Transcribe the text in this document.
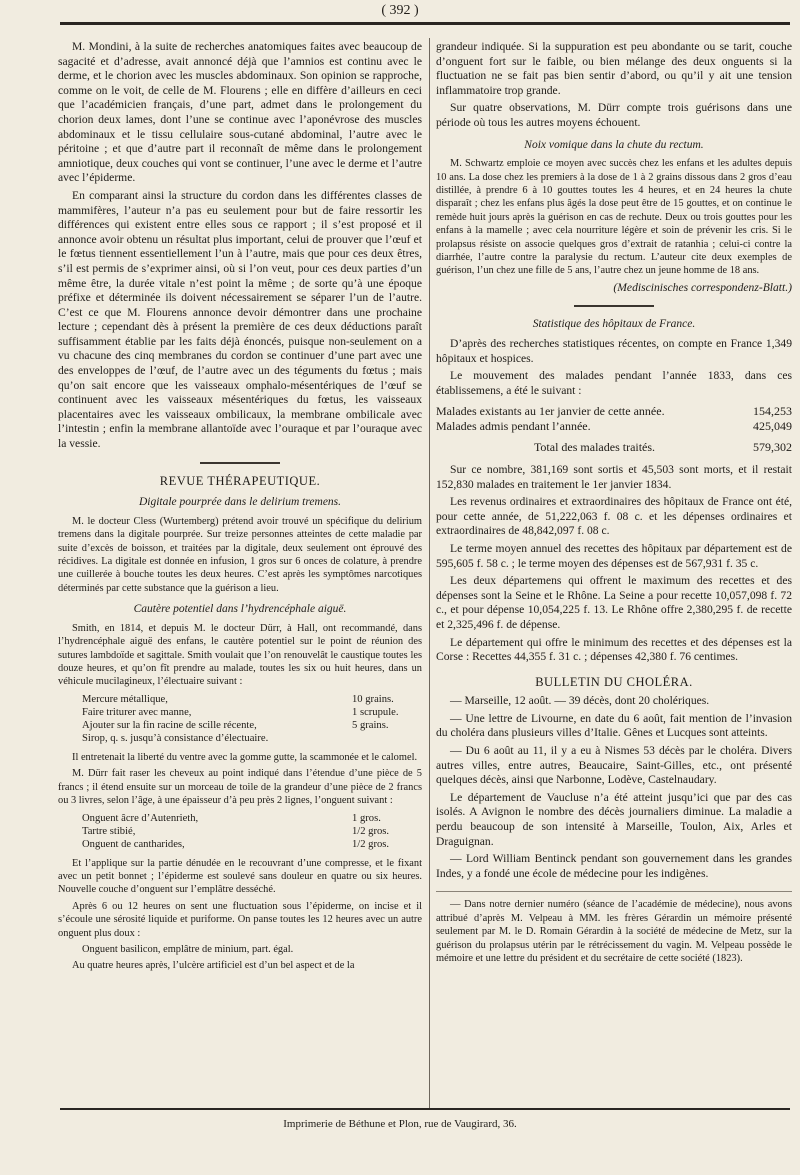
( 392 )

M. Mondini, à la suite de recherches anatomiques faites avec beaucoup de sagacité et d’adresse, avait annoncé déjà que l’amnios est continu avec le derme, et le chorion avec les muscles abdominaux. Son opinion se rapproche, comme on le voit, de celle de M. Flourens ; elle en diffère d’ailleurs en ceci que l’académicien français, d’une part, admet dans le prolongement du chorion deux lames, dont l’une se continue avec l’aponévrose des muscles abdominaux et le tissu cellulaire sous-cutané abdominal, l’autre avec le péritoine ; et que d’autre part il reconnaît de même dans le prolongement amniotique, deux couches qui vont se continuer, l’une avec le derme et l’autre avec l’épiderme.

En comparant ainsi la structure du cordon dans les différentes classes de mammifères, l’auteur n’a pas eu seulement pour but de faire ressortir les différences qui existent entre elles sous ce rapport ; il s’est proposé et il annonce avoir obtenu un résultat plus important, celui de prouver que l’œuf et le fœtus tiennent essentiellement l’un à l’autre, mais que pour ces deux êtres, s’il est permis de s’exprimer ainsi, où si l’on veut, pour ces deux parties d’un même être, la durée vitale n’est point la même ; de sorte qu’à une époque préfixe et déterminée ils doivent nécessairement se séparer l’un de l’autre. C’est ce que M. Flourens annonce devoir démontrer dans une prochaine lecture ; cependant dès à présent la première de ces deux déductions paraît suffisamment établie par les faits déjà énoncés, puisque non-seulement on a vu chacune des cinq membranes du cordon se continuer d’une part avec une des enveloppes de l’œuf, de l’autre avec un des téguments du fœtus ; mais qu’on sait encore que les vaisseaux omphalo-mésentériques de l’œuf se continuent avec les vaisseaux mésentériques du fœtus, les vaisseaux placentaires avec les vaisseaux ombilicaux, la membrane ombilicale avec l’intestin ; enfin la membrane allantoïde avec l’ouraque et par l’ouraque avec la vessie.

REVUE THÉRAPEUTIQUE.
Digitale pourprée dans le delirium tremens.

M. le docteur Cless (Wurtemberg) prétend avoir trouvé un spécifique du delirium tremens dans la digitale pourprée. Sur treize personnes atteintes de cette maladie par suite d’excès de boisson, et traitées par la digitale, deux seulement ont éprouvé des récidives. La digitale est donnée en infusion, 1 gros sur 6 onces de colature, à prendre une cuillerée à bouche toutes les deux heures. C’est après les symptômes narcotiques déterminés par cette substance que la guérison a lieu.

Cautère potentiel dans l’hydrencéphale aiguë.

Smith, en 1814, et depuis M. le docteur Dürr, à Hall, ont recommandé, dans l’hydrencéphale aiguë des enfans, le cautère potentiel sur le point de réunion des sutures lambdoïde et sagittale. Smith voulait que l’on renouvelât le caustique toutes les douze heures, et qu’on fît prendre au malade, toutes les six ou huit heures, dans un véhicule mucilagineux, l’électuaire suivant :

Mercure métallique,	10 grains.
Faire triturer avec manne,	1 scrupule.
Ajouter sur la fin racine de scille récente,	5 grains.
Sirop, q. s. jusqu’à consistance d’électuaire.	

Il entretenait la liberté du ventre avec la gomme gutte, la scammonée et le calomel.

M. Dürr fait raser les cheveux au point indiqué dans l’étendue d’une pièce de 5 francs ; il étend ensuite sur un morceau de toile de la grandeur d’une pièce de 2 francs ou 3 livres, selon l’âge, à une épaisseur d’à peu près 2 lignes, l’onguent suivant :

Onguent âcre d’Autenrieth,	1 gros.
Tartre stibié,	1/2 gros.
Onguent de cantharides,	1/2 gros.

Et l’applique sur la partie dénudée en le recouvrant d’une compresse, et le fixant avec un petit bonnet ; l’épiderme est soulevé sans douleur en quatre ou six heures. Nouvelle couche d’onguent sur l’emplâtre desséché.

Après 6 ou 12 heures on sent une fluctuation sous l’épiderme, on incise et il s’écoule une sérosité liquide et puriforme. On panse toutes les 12 heures avec un autre onguent plus doux :

Onguent basilicon, emplâtre de minium, part. égal.

Au quatre heures après, l’ulcère artificiel est d’un bel aspect et de la

grandeur indiquée. Si la suppuration est peu abondante ou se tarit, couche d’onguent fort sur le faible, ou bien mélange des deux onguents si la fluctuation ne se fait pas bien sentir d’abord, ou qu’il y ait une tension inflammatoire trop grande.

Sur quatre observations, M. Dürr compte trois guérisons dans une période où tous les autres moyens échouent.

Noix vomique dans la chute du rectum.

M. Schwartz emploie ce moyen avec succès chez les enfans et les adultes depuis 10 ans. La dose chez les premiers à la dose de 1 à 2 grains dissous dans 2 gros d’eau distillée, à prendre 6 à 10 gouttes toutes les 4 heures, et en 24 heures la chute disparaît ; chez les enfans plus âgés la dose peut être de 15 gouttes, et on continue le remède huit jours après la guérison en cas de rechute. Deux ou trois gouttes pour les enfans à la mamelle ; avec cela nourriture légère et soin de prévenir les cris. Si le prolapsus résiste on associe quelques gros d’extrait de ratanhia ; celui-ci contre la diarrhée, l’autre contre la paralysie du rectum. L’auteur cite deux exemples de guérison, l’un chez une fille de 5 ans, l’autre chez un jeune homme de 18 ans.

(Mediscinisches correspondenz-Blatt.)
Statistique des hôpitaux de France.

D’après des recherches statistiques récentes, on compte en France 1,349 hôpitaux et hospices.

Le mouvement des malades pendant l’année 1833, dans ces établissemens, a été le suivant :

Malades existants au 1er janvier de cette année.	154,253
Malades admis pendant l’année.	425,049
Total des malades traités.	579,302

Sur ce nombre, 381,169 sont sortis et 45,503 sont morts, et il restait 152,830 malades en traitement le 1er janvier 1834.

Les revenus ordinaires et extraordinaires des hôpitaux de France ont été, pour cette année, de 51,222,063 f. 08 c. et les dépenses ordinaires et extraordinaires de 48,842,097 f. 08 c.

Le terme moyen annuel des recettes des hôpitaux par département est de 595,605 f. 58 c. ; le terme moyen des dépenses est de 567,931 f. 35 c.

Les deux départemens qui offrent le maximum des recettes et des dépenses sont la Seine et le Rhône. La Seine a pour recette 10,057,098 f. 72 c., et pour dépense 10,054,225 f. 13. Le Rhône offre 2,380,295 f. de recette et 2,325,496 f. de dépense.

Le département qui offre le minimum des recettes et des dépenses est la Corse : Recettes 44,355 f. 31 c. ; dépenses 42,380 f. 76 centimes.

BULLETIN DU CHOLÉRA.

— Marseille, 12 août. — 39 décès, dont 20 cholériques.

— Une lettre de Livourne, en date du 6 août, fait mention de l’invasion du choléra dans plusieurs villes d’Italie. Gênes et Lucques sont atteints.

— Du 6 août au 11, il y a eu à Nismes 53 décès par le choléra. Divers autres villes, entre autres, Beaucaire, Saint-Gilles, etc., ont présenté quelques décès, ainsi que Narbonne, Lodève, Castelnaudary.

Le département de Vaucluse n’a été atteint jusqu’ici que par des cas isolés. A Avignon le nombre des décès journaliers diminue. La maladie a perdu beaucoup de son intensité à Marseille, Toulon, Aix, Arles et Draguignan.

— Lord William Bentinck pendant son gouvernement dans les grandes Indes, y a fondé une école de médecine pour les indigènes.

— Dans notre dernier numéro (séance de l’académie de médecine), nous avons attribué d’après M. Velpeau à MM. les frères Gérardin un mémoire présenté seulement par M. le D. Romain Gérardin à la société de médecine de Metz, sur la guérison du prolapsus utérin par le rétrécissement du vagin. M. Velpeau possède le mémoire et une lettre du président et du secrétaire de cette société (1823).

Imprimerie de Béthune et Plon, rue de Vaugirard, 36.
